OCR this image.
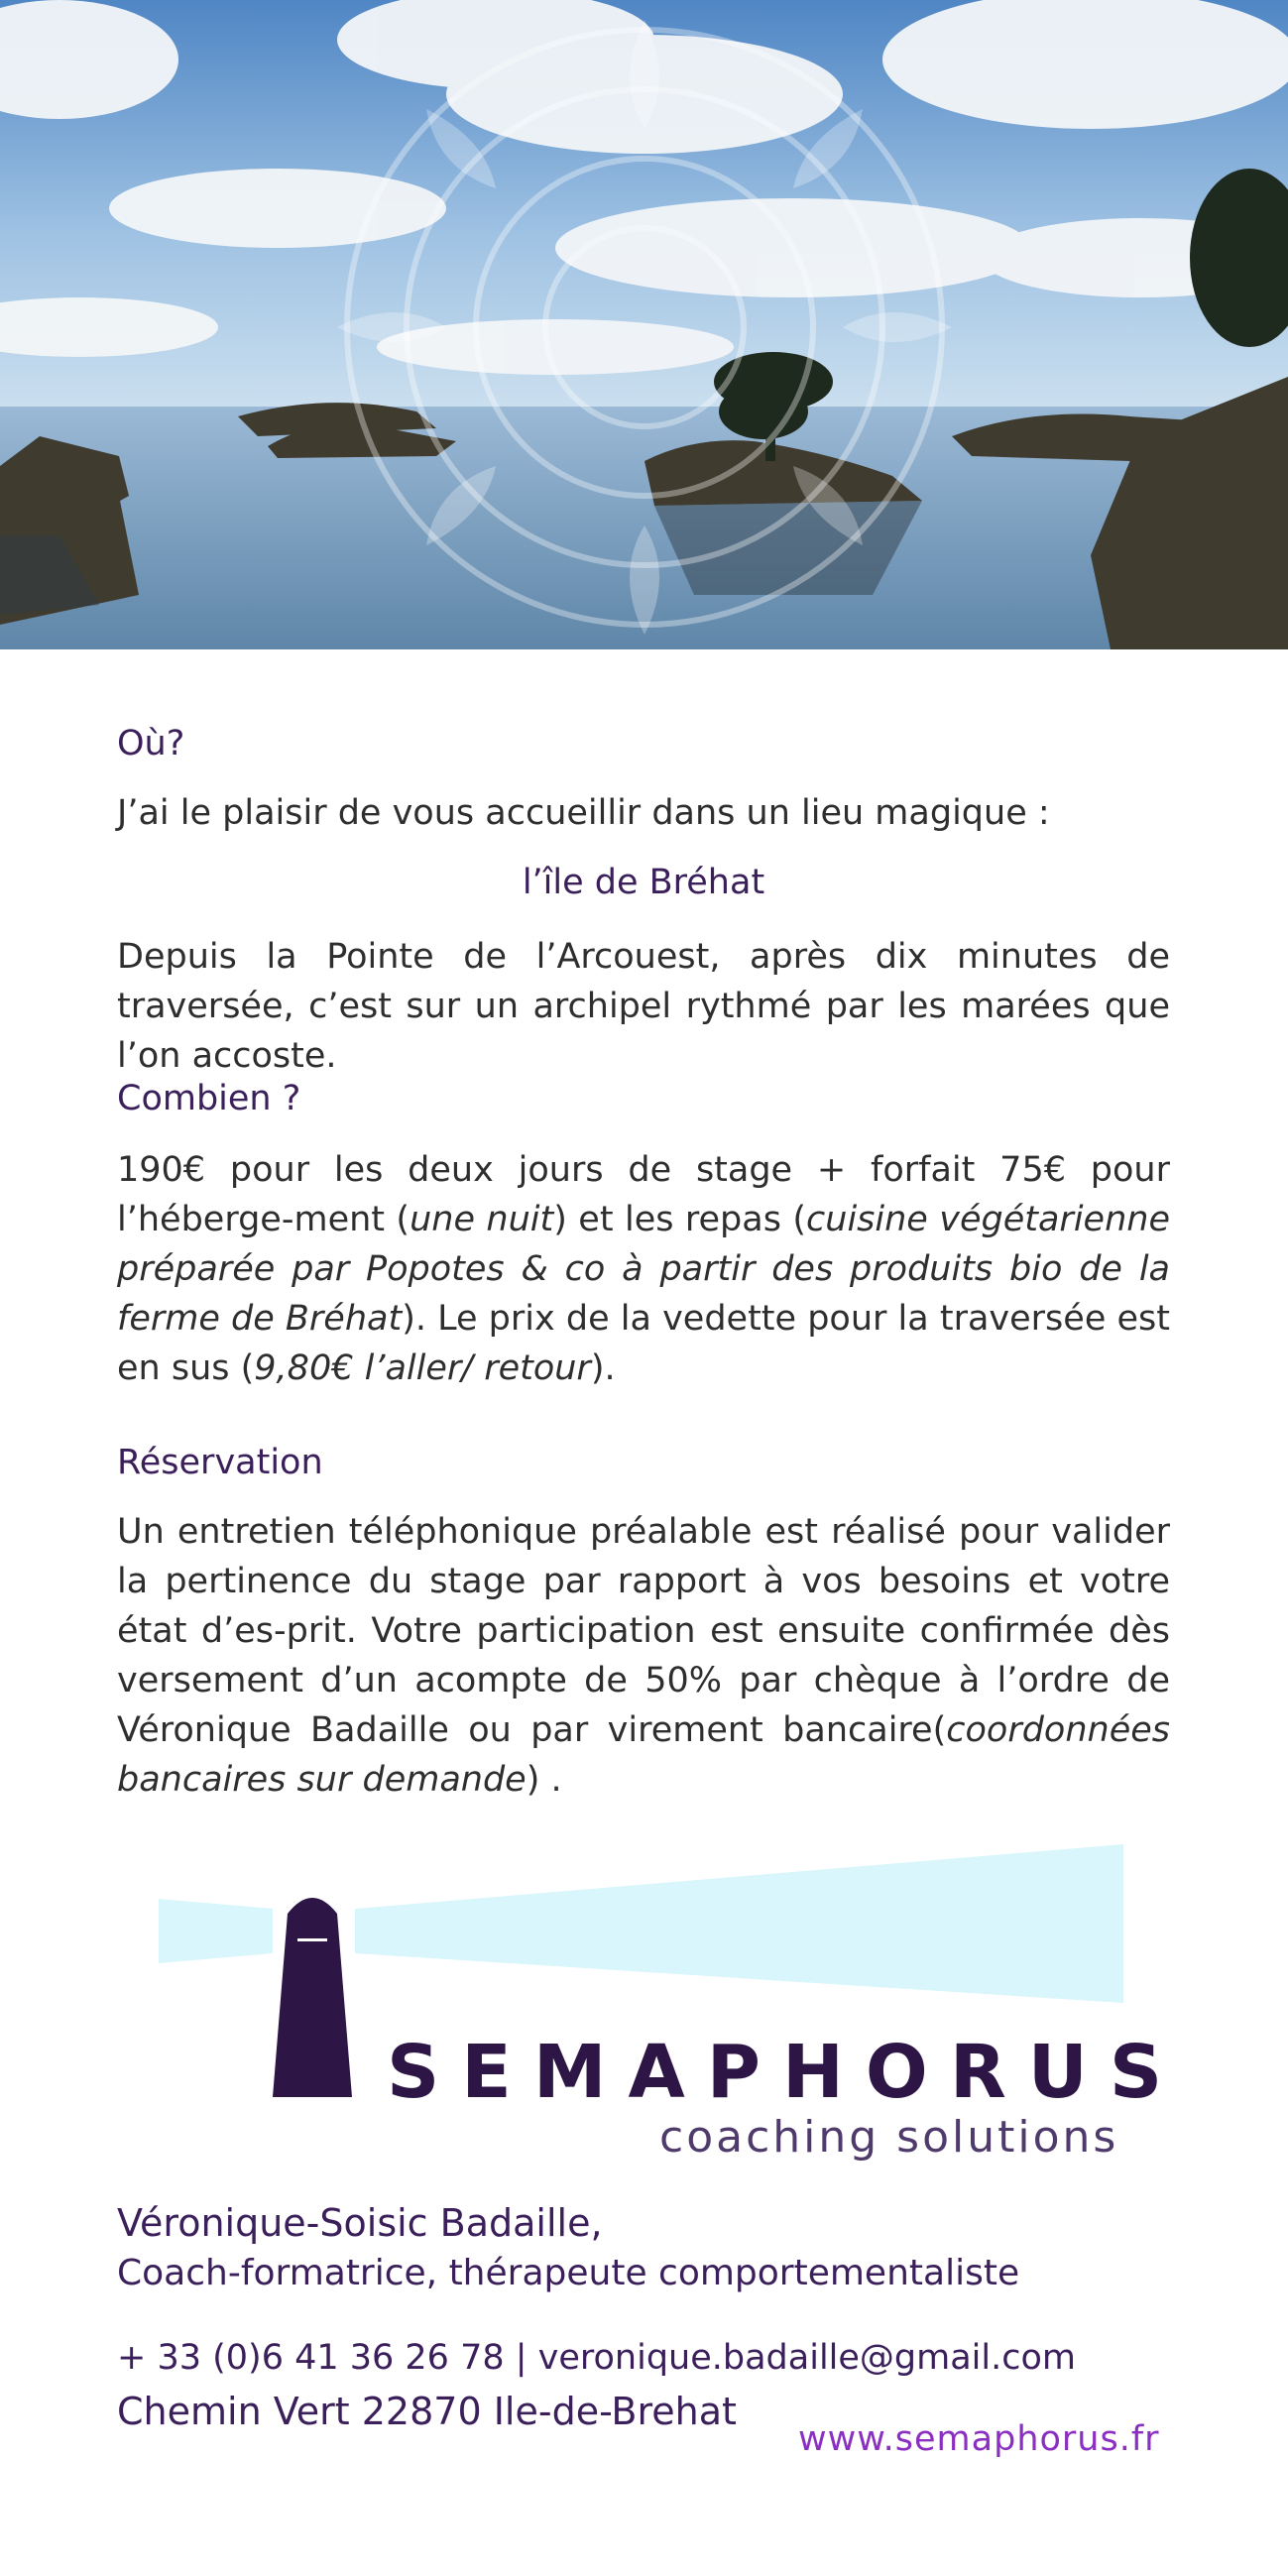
Où?

J’ai le plaisir de vous accueillir dans un lieu magique :

l’île de Bréhat

Depuis la Pointe de l’Arcouest, après dix minutes de traversée, c’est sur un archipel rythmé par les marées que l’on accoste.

Combien ?

190€ pour les deux jours de stage + forfait 75€ pour l’héberge-ment (une nuit) et les repas (cuisine végétarienne préparée par Popotes & co à partir des produits bio de la ferme de Bréhat). Le prix de la vedette pour la traversée est en sus (9,80€ l’aller/ retour).

Réservation

Un entretien téléphonique préalable est réalisé pour valider la pertinence du stage par rapport à vos besoins et votre état d’es-prit. Votre participation est ensuite confirmée dès versement d’un acompte de 50% par chèque à l’ordre de Véronique Badaille ou par virement bancaire(coordonnées bancaires sur demande) .

SEMAPHORUS
coaching solutions
Véronique-Soisic Badaille,
Coach-formatrice, thérapeute comportementaliste
+ 33 (0)6 41 36 26 78 | veronique.badaille@gmail.com
Chemin Vert 22870 Ile-de-Brehat
www.semaphorus.fr
